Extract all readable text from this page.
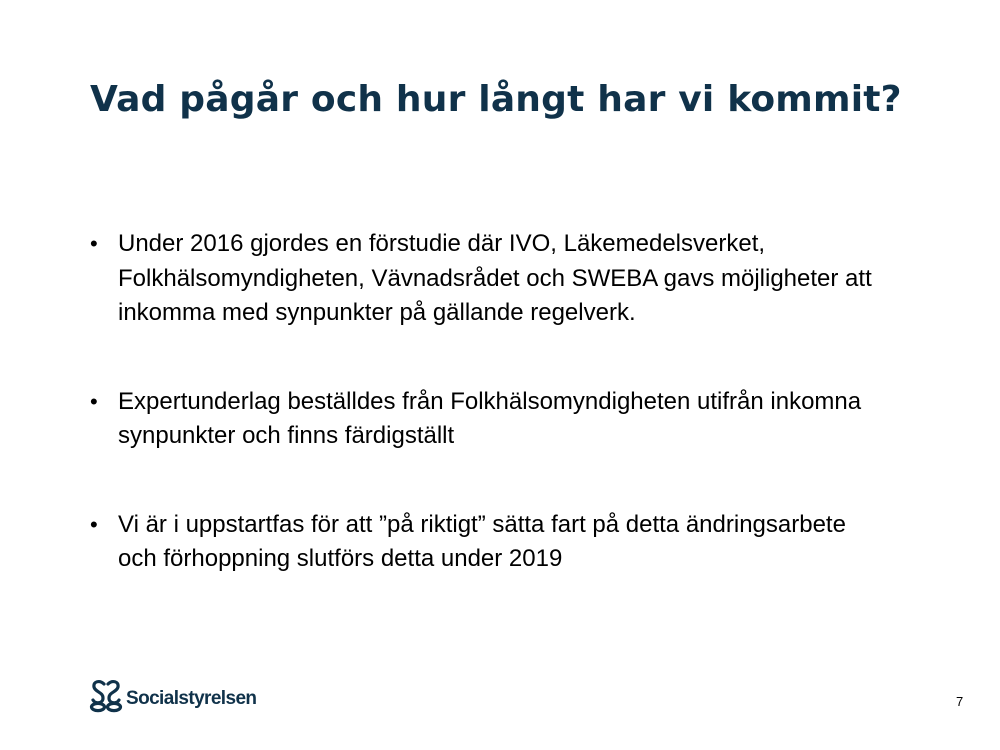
Vad pågår och hur långt har vi kommit?
• Under 2016 gjordes en förstudie där IVO, Läkemedelsverket, Folkhälsomyndigheten, Vävnadsrådet och SWEBA gavs möjligheter att inkomma med synpunkter på gällande regelverk.
• Expertunderlag beställdes från Folkhälsomyndigheten utifrån inkomna synpunkter och finns färdigställt
• Vi är i uppstartfas för att ”på riktigt” sätta fart på detta ändringsarbete och förhoppning slutförs detta under 2019
Socialstyrelsen	7
